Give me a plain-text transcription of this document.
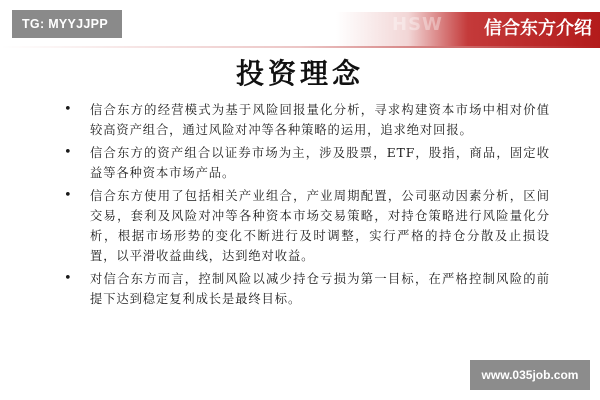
HSW	信合东方介绍
TG: MYYJJPP
投资理念
• 信合东方的经营模式为基于风险回报量化分析，寻求构建资本市场中相对价值较高资产组合，通过风险对冲等各种策略的运用，追求绝对回报。
• 信合东方的资产组合以证券市场为主，涉及股票，ETF，股指，商品，固定收益等各种资本市场产品。
• 信合东方使用了包括相关产业组合，产业周期配置，公司驱动因素分析，区间交易，套利及风险对冲等各种资本市场交易策略，对持仓策略进行风险量化分析，根据市场形势的变化不断进行及时调整，实行严格的持仓分散及止损设置，以平滑收益曲线，达到绝对收益。
• 对信合东方而言，控制风险以减少持仓亏损为第一目标，在严格控制风险的前提下达到稳定复利成长是最终目标。
www.035job.com
